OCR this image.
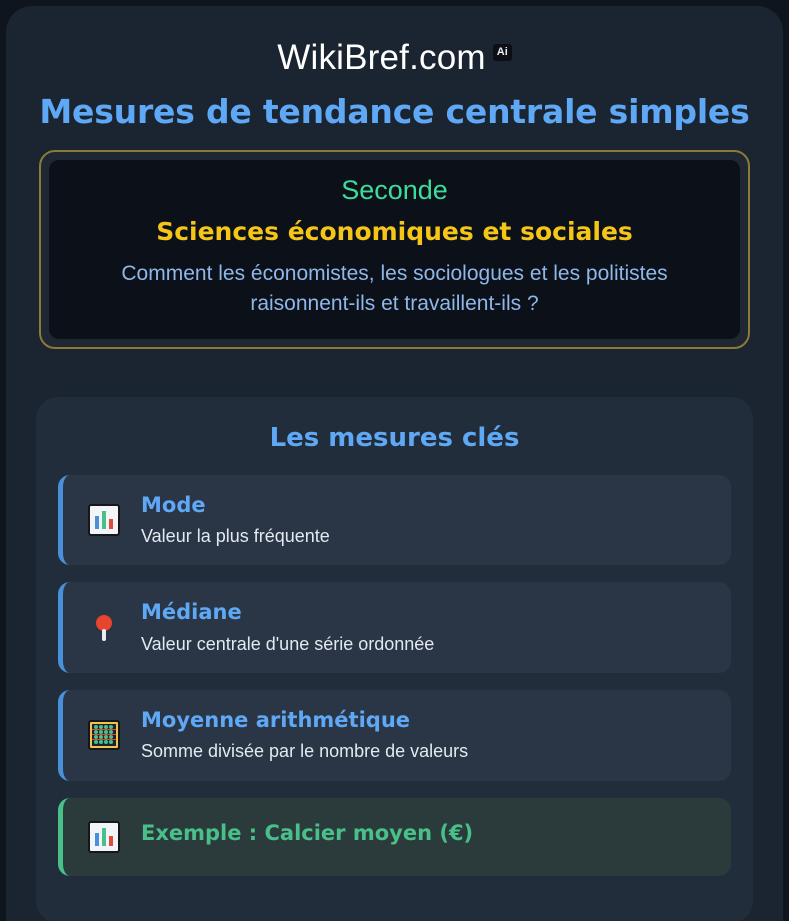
WikiBref.com	Ai
Mesures de tendance centrale simples
Seconde
Sciences économiques et sociales
Comment les économistes, les sociologues et les politistes raisonnent-ils et travaillent-ils ?
Les mesures clés
Mode
Valeur la plus fréquente
Médiane
Valeur centrale d'une série ordonnée
Moyenne arithmétique
Somme divisée par le nombre de valeurs
Exemple : Calcier moyen (€)
